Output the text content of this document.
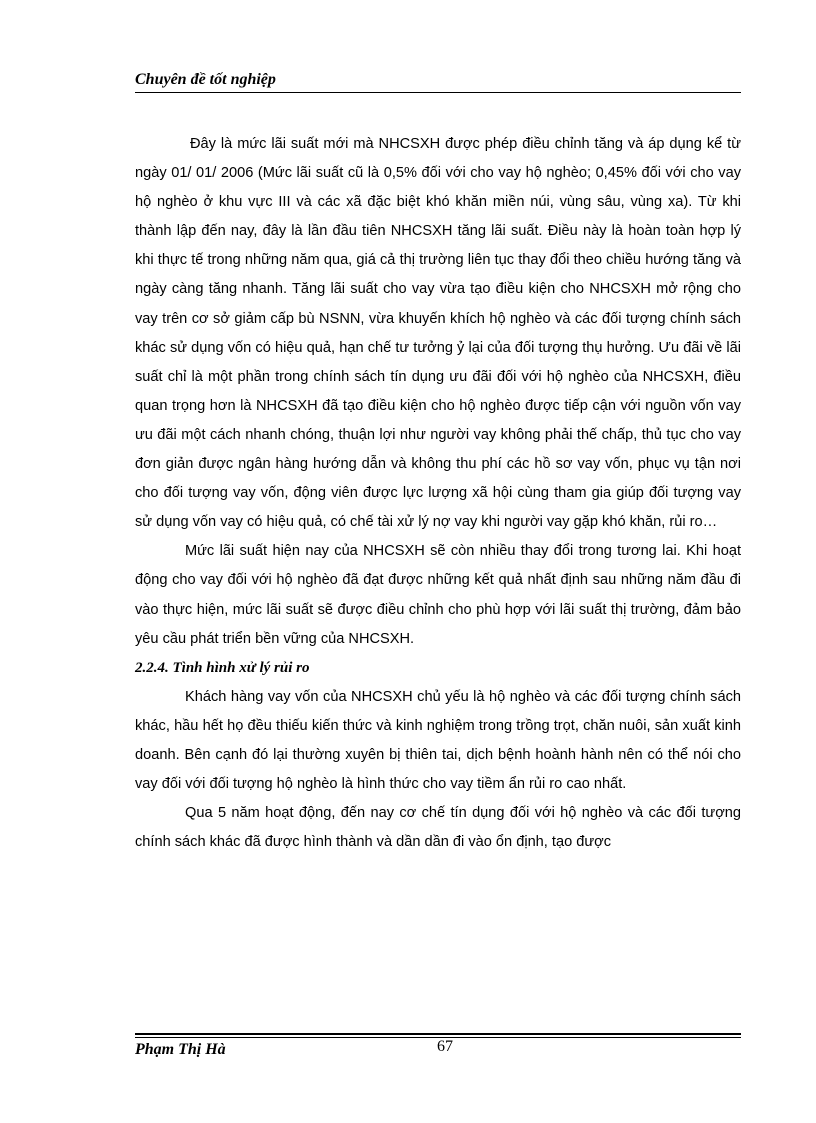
Chuyên đề tốt nghiệp

Đây là mức lãi suất mới mà NHCSXH được phép điều chỉnh tăng và áp dụng kể từ ngày 01/ 01/ 2006 (Mức lãi suất cũ là 0,5% đối với cho vay hộ nghèo; 0,45% đối với cho vay hộ nghèo ở khu vực III và các xã đặc biệt khó khăn miền núi, vùng sâu, vùng xa). Từ khi thành lập đến nay, đây là lần đầu tiên NHCSXH tăng lãi suất. Điều này là hoàn toàn hợp lý khi thực tế trong những năm qua, giá cả thị trường liên tục thay đổi theo chiều hướng tăng và ngày càng tăng nhanh. Tăng lãi suất cho vay vừa tạo điều kiện cho NHCSXH mở rộng cho vay trên cơ sở giảm cấp bù NSNN, vừa khuyến khích hộ nghèo và các đối tượng chính sách khác sử dụng vốn có hiệu quả, hạn chế tư tưởng ỷ lại của đối tượng thụ hưởng. Ưu đãi về lãi suất chỉ là một phần trong chính sách tín dụng ưu đãi đối với hộ nghèo của NHCSXH, điều quan trọng hơn là NHCSXH đã tạo điều kiện cho hộ nghèo được tiếp cận với nguồn vốn vay ưu đãi một cách nhanh chóng, thuận lợi như người vay không phải thế chấp, thủ tục cho vay đơn giản được ngân hàng hướng dẫn và không thu phí các hồ sơ vay vốn, phục vụ tận nơi cho đối tượng vay vốn, động viên được lực lượng xã hội cùng tham gia giúp đối tượng vay sử dụng vốn vay có hiệu quả, có chế tài xử lý nợ vay khi người vay gặp khó khăn, rủi ro…

Mức lãi suất hiện nay của NHCSXH sẽ còn nhiều thay đổi trong tương lai. Khi hoạt động cho vay đối với hộ nghèo đã đạt được những kết quả nhất định sau những năm đầu đi vào thực hiện, mức lãi suất sẽ được điều chỉnh cho phù hợp với lãi suất thị trường, đảm bảo yêu cầu phát triển bền vững của NHCSXH.

2.2.4. Tình hình xử lý rủi ro

Khách hàng vay vốn của NHCSXH chủ yếu là hộ nghèo và các đối tượng chính sách khác, hầu hết họ đều thiếu kiến thức và kinh nghiệm trong trồng trọt, chăn nuôi, sản xuất kinh doanh. Bên cạnh đó lại thường xuyên bị thiên tai, dịch bệnh hoành hành nên có thể nói cho vay đối với đối tượng hộ nghèo là hình thức cho vay tiềm ẩn rủi ro cao nhất.

Qua 5 năm hoạt động, đến nay cơ chế tín dụng đối với hộ nghèo và các đối tượng chính sách khác đã được hình thành và dần dần đi vào ổn định, tạo được

Phạm Thị Hà	67
